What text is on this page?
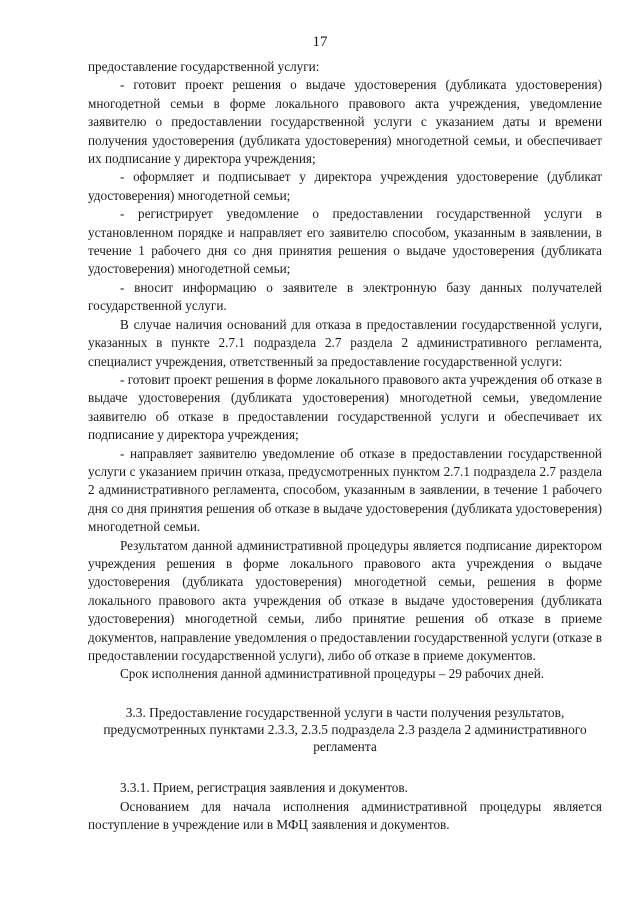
17

предоставление государственной услуги:

- готовит проект решения о выдаче удостоверения (дубликата удостоверения) многодетной семьи в форме локального правового акта учреждения, уведомление заявителю о предоставлении государственной услуги с указанием даты и времени получения удостоверения (дубликата удостоверения) многодетной семьи, и обеспечивает их подписание у директора учреждения;

- оформляет и подписывает у директора учреждения удостоверение (дубликат удостоверения) многодетной семьи;

- регистрирует уведомление о предоставлении государственной услуги в установленном порядке и направляет его заявителю способом, указанным в заявлении, в течение 1 рабочего дня со дня принятия решения о выдаче удостоверения (дубликата удостоверения) многодетной семьи;

- вносит информацию о заявителе в электронную базу данных получателей государственной услуги.

В случае наличия оснований для отказа в предоставлении государственной услуги, указанных в пункте 2.7.1 подраздела 2.7 раздела 2 административного регламента, специалист учреждения, ответственный за предоставление государственной услуги:

- готовит проект решения в форме локального правового акта учреждения об отказе в выдаче удостоверения (дубликата удостоверения) многодетной семьи, уведомление заявителю об отказе в предоставлении государственной услуги и обеспечивает их подписание у директора учреждения;

- направляет заявителю уведомление об отказе в предоставлении государственной услуги с указанием причин отказа, предусмотренных пунктом 2.7.1 подраздела 2.7 раздела 2 административного регламента, способом, указанным в заявлении, в течение 1 рабочего дня со дня принятия решения об отказе в выдаче удостоверения (дубликата удостоверения) многодетной семьи.

Результатом данной административной процедуры является подписание директором учреждения решения в форме локального правового акта учреждения о выдаче удостоверения (дубликата удостоверения) многодетной семьи, решения в форме локального правового акта учреждения об отказе в выдаче удостоверения (дубликата удостоверения) многодетной семьи, либо принятие решения об отказе в приеме документов, направление уведомления о предоставлении государственной услуги (отказе в предоставлении государственной услуги), либо об отказе в приеме документов.

Срок исполнения данной административной процедуры – 29 рабочих дней.

3.3. Предоставление государственной услуги в части получения результатов, предусмотренных пунктами 2.3.3, 2.3.5 подраздела 2.3 раздела 2 административного регламента

3.3.1. Прием, регистрация заявления и документов.

Основанием для начала исполнения административной процедуры является поступление в учреждение или в МФЦ заявления и документов.
